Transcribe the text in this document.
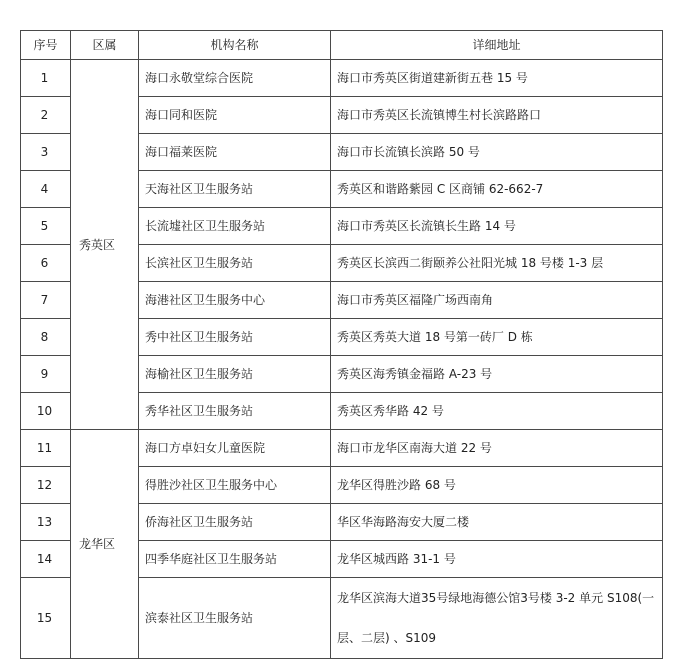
序号	区属	机构名称	详细地址
1	秀英区	海口永敬堂综合医院	海口市秀英区街道建新街五巷 15 号
2		海口同和医院	海口市秀英区长流镇博生村长滨路路口
3		海口福莱医院	海口市长流镇长滨路 50 号
4		天海社区卫生服务站	秀英区和谐路紫园 C 区商铺 62-662-7
5		长流墟社区卫生服务站	海口市秀英区长流镇长生路 14 号
6		长滨社区卫生服务站	秀英区长滨西二街颐养公社阳光城 18 号楼 1-3 层
7		海港社区卫生服务中心	海口市秀英区福隆广场西南角
8		秀中社区卫生服务站	秀英区秀英大道 18 号第一砖厂 D 栋
9		海榆社区卫生服务站	秀英区海秀镇金福路 A-23 号
10		秀华社区卫生服务站	秀英区秀华路 42 号
11	龙华区	海口方卓妇女儿童医院	海口市龙华区南海大道 22 号
12		得胜沙社区卫生服务中心	龙华区得胜沙路 68 号
13		侨海社区卫生服务站	华区华海路海安大厦二楼
14		四季华庭社区卫生服务站	龙华区城西路 31-1 号
15		滨泰社区卫生服务站	龙华区滨海大道35号绿地海德公馆3号楼 3-2 单元 S108(一层、二层) 、S109
